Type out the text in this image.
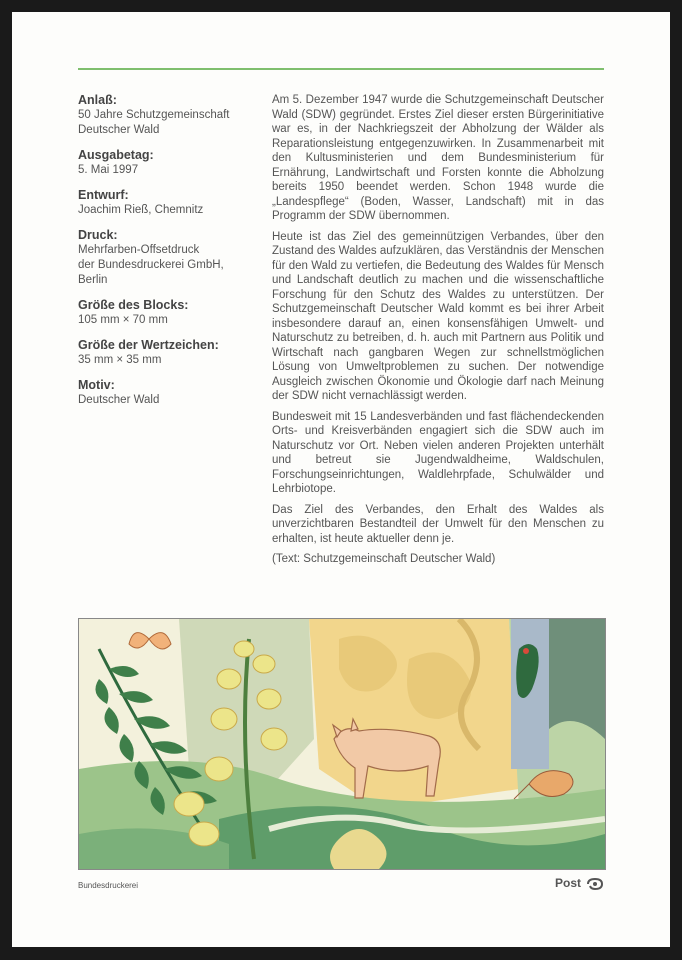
Anlaß:
50 Jahre Schutzgemeinschaft
Deutscher Wald
Ausgabetag:
5. Mai 1997
Entwurf:
Joachim Rieß, Chemnitz
Druck:
Mehrfarben-Offsetdruck
der Bundesdruckerei GmbH,
Berlin
Größe des Blocks:
105 mm × 70 mm
Größe der Wertzeichen:
35 mm × 35 mm
Motiv:
Deutscher Wald

Am 5. Dezember 1947 wurde die Schutzgemeinschaft Deutscher Wald (SDW) gegründet. Erstes Ziel dieser ersten Bürgerinitiative war es, in der Nachkriegszeit der Abholzung der Wälder als Reparationsleistung entgegenzuwirken. In Zusammenarbeit mit den Kultusministerien und dem Bundesministerium für Ernährung, Landwirtschaft und Forsten konnte die Abholzung bereits 1950 beendet werden. Schon 1948 wurde die „Landespflege“ (Boden, Wasser, Landschaft) mit in das Programm der SDW übernommen.

Heute ist das Ziel des gemeinnützigen Verbandes, über den Zustand des Waldes aufzuklären, das Verständnis der Menschen für den Wald zu vertiefen, die Bedeutung des Waldes für Mensch und Landschaft deutlich zu machen und die wissenschaftliche Forschung für den Schutz des Waldes zu unterstützen. Der Schutzgemeinschaft Deutscher Wald kommt es bei ihrer Arbeit insbesondere darauf an, einen konsensfähigen Umwelt- und Naturschutz zu betreiben, d. h. auch mit Partnern aus Politik und Wirtschaft nach gangbaren Wegen zur schnellstmöglichen Lösung von Umweltproblemen zu suchen. Der notwendige Ausgleich zwischen Ökonomie und Ökologie darf nach Meinung der SDW nicht vernachlässigt werden.

Bundesweit mit 15 Landesverbänden und fast flächendeckenden Orts- und Kreisverbänden engagiert sich die SDW auch im Naturschutz vor Ort. Neben vielen anderen Projekten unterhält und betreut sie Jugendwaldheime, Waldschulen, Forschungseinrichtungen, Waldlehrpfade, Schulwälder und Lehrbiotope.

Das Ziel des Verbandes, den Erhalt des Waldes als unverzichtbaren Bestandteil der Umwelt für den Menschen zu erhalten, ist heute aktueller denn je.

(Text: Schutzgemeinschaft Deutscher Wald)

Bundesdruckerei	Post
